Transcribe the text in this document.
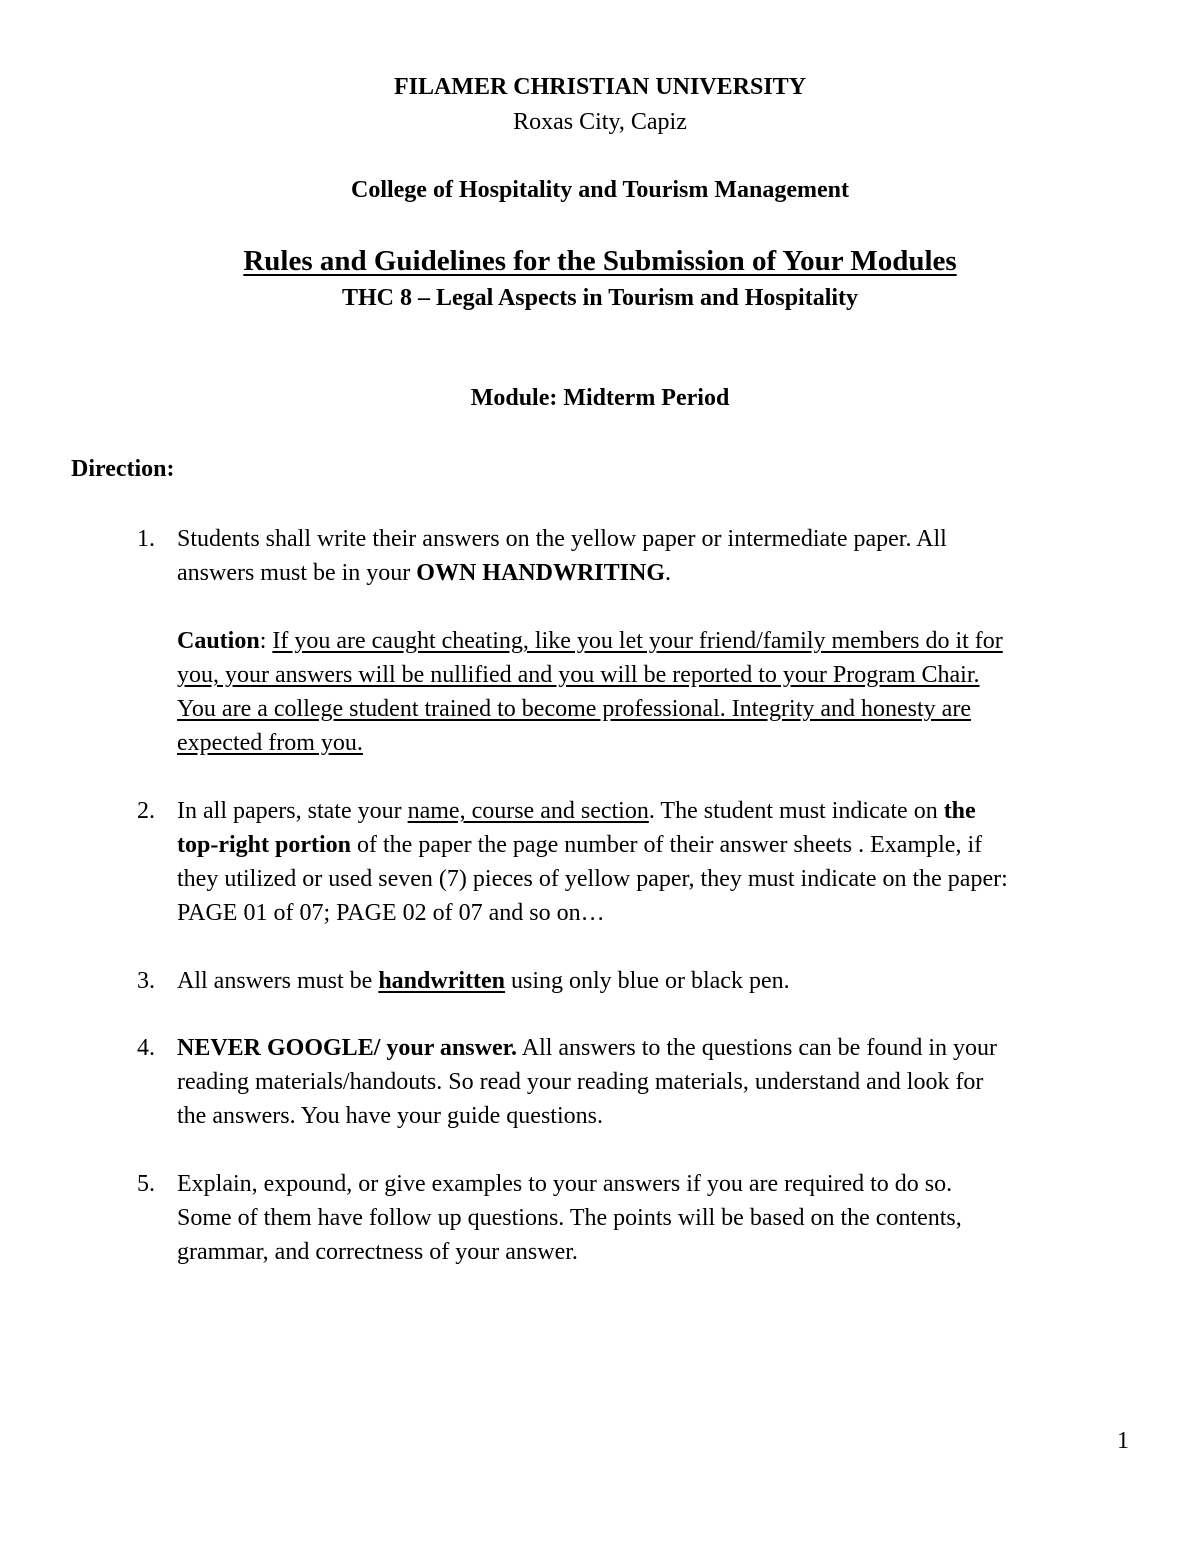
FILAMER CHRISTIAN UNIVERSITY
Roxas City, Capiz
College of Hospitality and Tourism Management
Rules and Guidelines for the Submission of Your Modules
THC 8 – Legal Aspects in Tourism and Hospitality
Module: Midterm Period
Direction:
1. Students shall write their answers on the yellow paper or intermediate paper. All
answers must be in your OWN HANDWRITING.
Caution: If you are caught cheating, like you let your friend/family members do it for
you, your answers will be nullified and you will be reported to your Program Chair.
You are a college student trained to become professional. Integrity and honesty are
expected from you.
2. In all papers, state your name, course and section. The student must indicate on the
top-right portion of the paper the page number of their answer sheets . Example, if
they utilized or used seven (7) pieces of yellow paper, they must indicate on the paper:
PAGE 01 of 07; PAGE 02 of 07 and so on…
3. All answers must be handwritten using only blue or black pen.
4. NEVER GOOGLE/ your answer. All answers to the questions can be found in your
reading materials/handouts. So read your reading materials, understand and look for
the answers. You have your guide questions.
5. Explain, expound, or give examples to your answers if you are required to do so.
Some of them have follow up questions. The points will be based on the contents,
grammar, and correctness of your answer.
1
